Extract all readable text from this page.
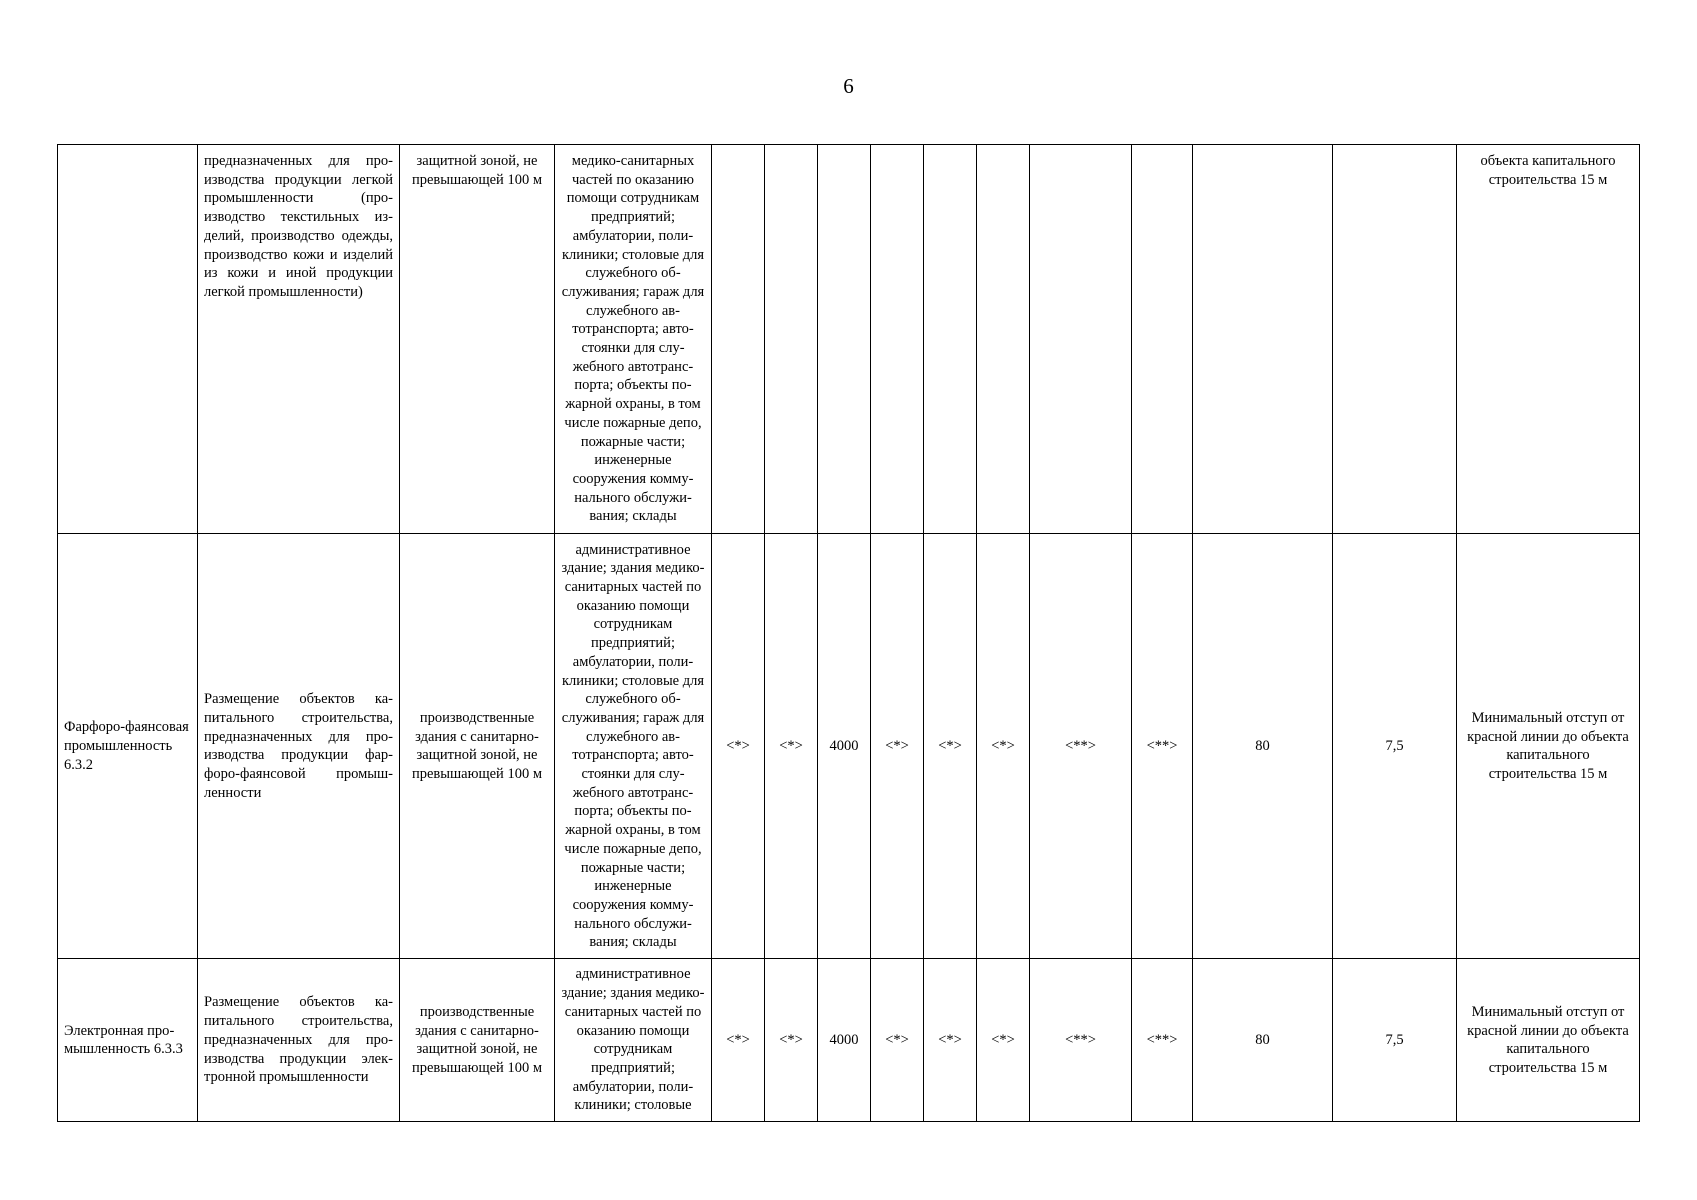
6
	предназначенных для производства продукции легкой промышленности (производство текстильных изделий, производство одежды, производство кожи и изделий из кожи и иной продукции легкой промышленности)	защитной зоной, не превышающей 100 м	медико-санитарных частей по оказанию помощи сотрудникам предприятий; амбулатории, поликлиники; столовые для служебного обслуживания; гараж для служебного автотранспорта; автостоянки для служебного автотранспорта; объекты пожарной охраны, в том числе пожарные депо, пожарные части; инженерные сооружения коммунального обслуживания; склады											объекта капитального строительства 15 м
Фарфоро-фаянсовая промышленность 6.3.2	Размещение объектов капитального строительства, предназначенных для производства продукции фарфоро-фаянсовой промышленности	производственные здания с санитарно-защитной зоной, не превышающей 100 м	административное здание; здания медико-санитарных частей по оказанию помощи сотрудникам предприятий; амбулатории, поликлиники; столовые для служебного обслуживания; гараж для служебного автотранспорта; автостоянки для служебного автотранспорта; объекты пожарной охраны, в том числе пожарные депо, пожарные части; инженерные сооружения коммунального обслуживания; склады	<*>	<*>	4000	<*>	<*>	<*>	<**>	<**>	80	7,5	Минимальный отступ от красной линии до объекта капитального строительства 15 м
Электронная промышленность 6.3.3	Размещение объектов капитального строительства, предназначенных для производства продукции электронной промышленности	производственные здания с санитарно-защитной зоной, не превышающей 100 м	административное здание; здания медико-санитарных частей по оказанию помощи сотрудникам предприятий; амбулатории, поликлиники; столовые	<*>	<*>	4000	<*>	<*>	<*>	<**>	<**>	80	7,5	Минимальный отступ от красной линии до объекта капитального строительства 15 м
